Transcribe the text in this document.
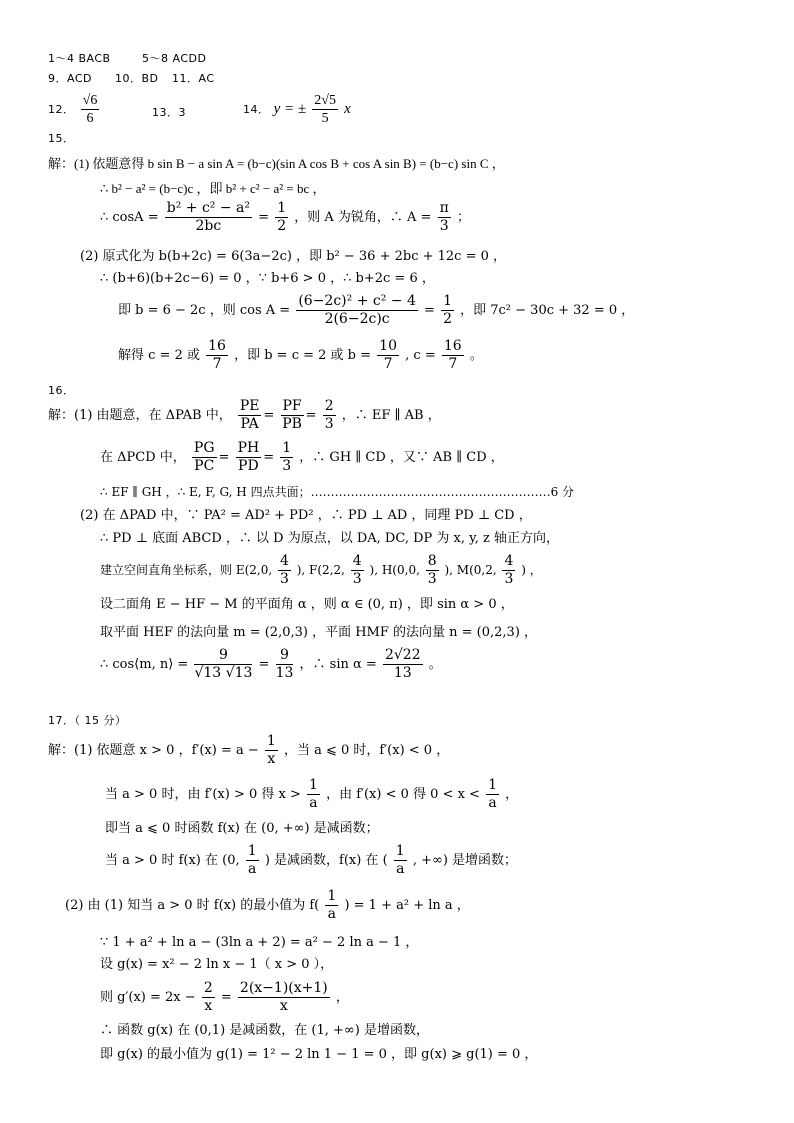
1～4 BACB	5～8 ACDD
9．ACD 10．BD 11．AC
12． $\frac{√6}{6}$	13．3	14． y = ± $\frac{2√5}{5}$ x
15．
解：(1) 依题意得 b sin B − a sin A = (b−c)(sin A cos B + cos A sin B) = (b−c) sin C ，
∴ b² − a² = (b−c)c ，即 b² + c² − a² = bc ，
∴ $\cos A = \frac{\text{b² + c² − a²}}{2bc} = \frac{1}{2}$ ，则 A 为锐角，∴ $A = \frac{\pi}{3}$ ；
(2) 原式化为 b(b+2c) = 6(3a−2c) ，即 b² − 36 + 2bc + 12c = 0 ，
∴ (b+6)(b+2c−6) = 0 ，∵ b+6 > 0 ，∴ b+2c = 6 ，
即 b = 6 − 2c ，则 $\cos A = \frac{\text{(6−2c)² + c² − 4}}{2(6-2c)c} = \frac{1}{2}$ ，即 7c² − 30c + 32 = 0 ，
解得 c = 2 或 $\frac{16}{7}$ ，即 b = c = 2 或 $b = \frac{10}{7}$ , $c = \frac{16}{7}$ 。
16．
解：(1) 由题意，在 ΔPAB 中， $\frac{PE}{PA} = \frac{PF}{PB} = \frac{2}{3}$ ，∴ EF ∥ AB ，
在 ΔPCD 中， $\frac{PG}{PC} = \frac{PH}{PD} = \frac{1}{3}$ ，∴ GH ∥ CD ，又∵ AB ∥ CD ，
∴ EF ∥ GH ，∴ E, F, G, H 四点共面；……………………………………………………6 分
(2) 在 ΔPAD 中，∵ PA² = AD² + PD² ，∴ PD ⊥ AD ，同理 PD ⊥ CD ，
∴ PD ⊥ 底面 ABCD ，∴ 以 D 为原点，以 DA, DC, DP 为 x, y, z 轴正方向，
建立空间直角坐标系，则 E(2,0, $\frac{4}{3}$ ), F(2,2, $\frac{4}{3}$ ), H(0,0, $\frac{8}{3}$ ), M(0,2, $\frac{4}{3}$ ) ，
设二面角 E − HF − M 的平面角 α ，则 α ∈ (0, π) ，即 sin α > 0 ，
取平面 HEF 的法向量 m = (2,0,3) ，平面 HMF 的法向量 n = (0,2,3) ，
∴ cos⟨m, n⟩ = $\frac{9}{√13 √13} = \frac{9}{13}$ ，∴ $\sin \alpha = \frac{2√22}{13}$ 。
17．（ 15 分）
解：(1) 依题意 x > 0 ，$f'(x) = a - \frac{1}{x}$ ，当 a ⩽ 0 时，f′(x) < 0 ，
当 a > 0 时，由 f′(x) > 0 得 $x > \frac{1}{a}$ ，由 f′(x) < 0 得 $0 < x < \frac{1}{a}$ ，
即当 a ⩽ 0 时函数 f(x) 在 (0, +∞) 是减函数；
当 a > 0 时 f(x) 在 (0, $\frac{1}{a}$ ) 是减函数，f(x) 在 ( $\frac{1}{a}$ , +∞) 是增函数；
(2) 由 (1) 知当 a > 0 时 f(x) 的最小值为 $f( \frac{1}{a}$ ) = 1 + a² + ln a ，
∵ 1 + a² + ln a − (3ln a + 2) = a² − 2 ln a − 1 ，
设 g(x) = x² − 2 ln x − 1（ x > 0 ），
则 $g'(x) = 2x - \frac{2}{x} = \frac{2(x-1)(x+1)}{x}$ ，
∴ 函数 g(x) 在 (0,1) 是减函数，在 (1, +∞) 是增函数，
即 g(x) 的最小值为 g(1) = 1² − 2 ln 1 − 1 = 0 ，即 g(x) ⩾ g(1) = 0 ，
